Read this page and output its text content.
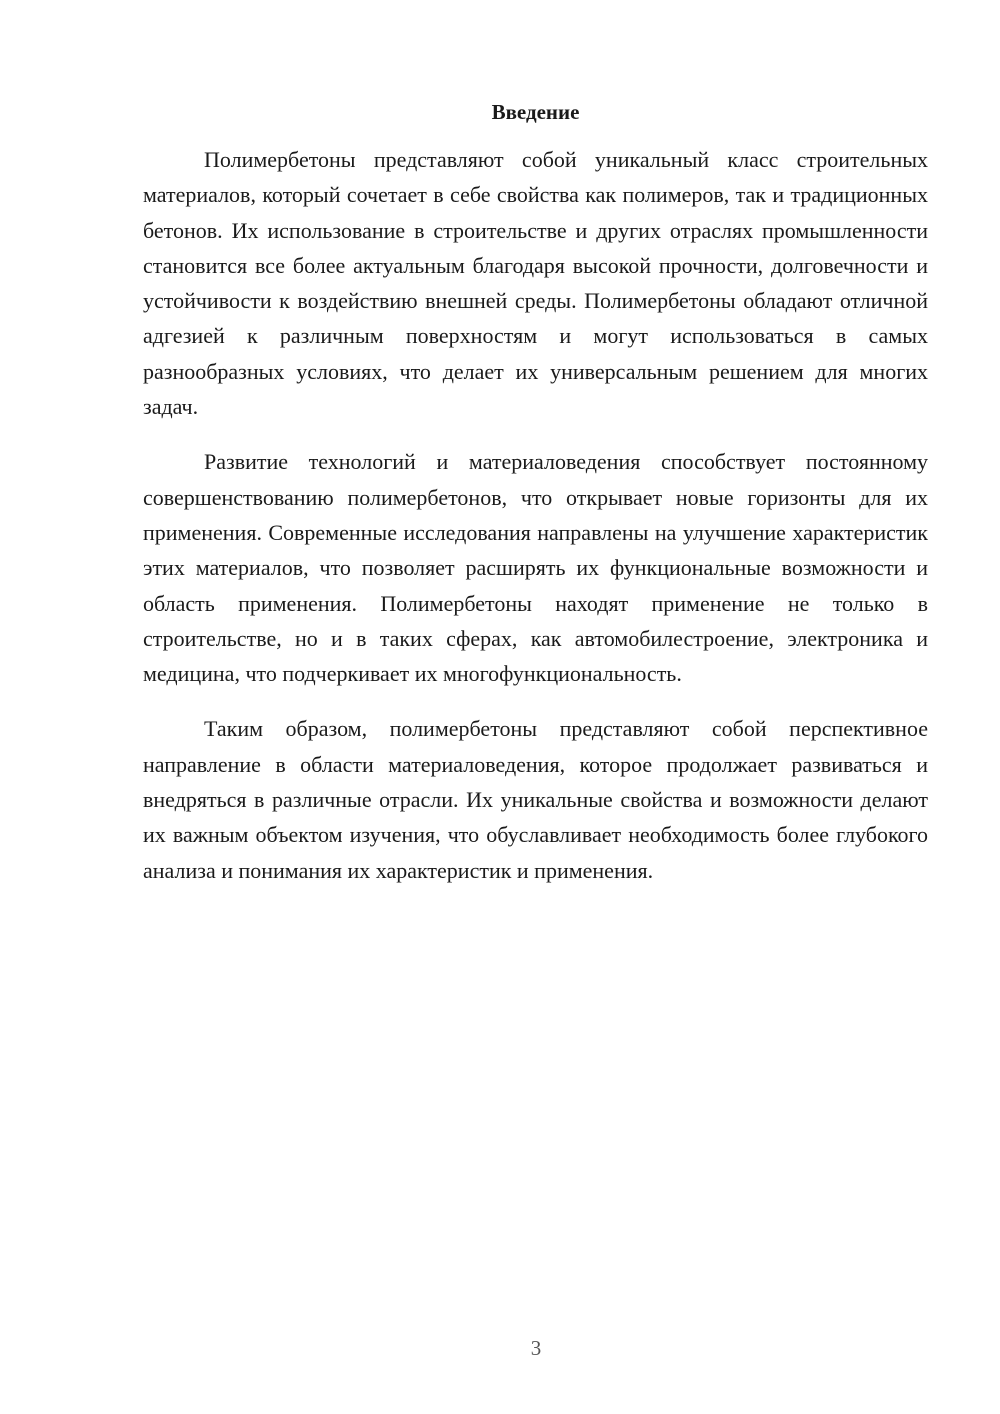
Введение

Полимербетоны представляют собой уникальный класс строительных материалов, который сочетает в себе свойства как полимеров, так и традиционных бетонов. Их использование в строительстве и других отраслях промышленности становится все более актуальным благодаря высокой прочности, долговечности и устойчивости к воздействию внешней среды. Полимербетоны обладают отличной адгезией к различным поверхностям и могут использоваться в самых разнообразных условиях, что делает их универсальным решением для многих задач.

Развитие технологий и материаловедения способствует постоянному совершенствованию полимербетонов, что открывает новые горизонты для их применения. Современные исследования направлены на улучшение характеристик этих материалов, что позволяет расширять их функциональные возможности и область применения. Полимербетоны находят применение не только в строительстве, но и в таких сферах, как автомобилестроение, электроника и медицина, что подчеркивает их многофункциональность.

Таким образом, полимербетоны представляют собой перспективное направление в области материаловедения, которое продолжает развиваться и внедряться в различные отрасли. Их уникальные свойства и возможности делают их важным объектом изучения, что обуславливает необходимость более глубокого анализа и понимания их характеристик и применения.

3
